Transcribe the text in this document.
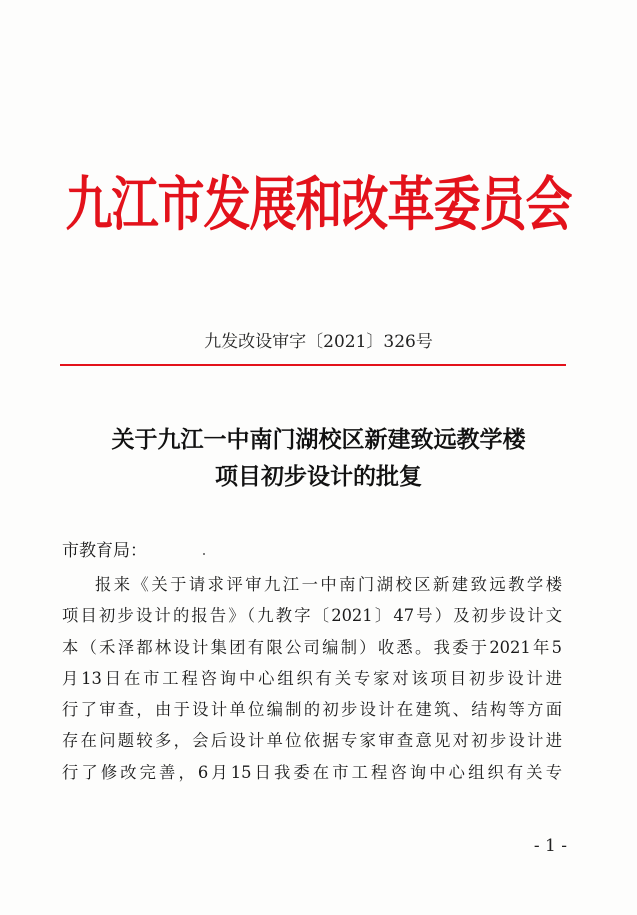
九江市发展和改革委员会
九发改设审字〔2021〕326号
关于九江一中南门湖校区新建致远教学楼
项目初步设计的批复
市教育局：
报来《关于请求评审九江一中南门湖校区新建致远教学楼
项目初步设计的报告》（九教字〔2021〕47号）及初步设计文
本（禾泽都林设计集团有限公司编制）收悉。我委于2021年5
月13日在市工程咨询中心组织有关专家对该项目初步设计进
行了审查，由于设计单位编制的初步设计在建筑、结构等方面
存在问题较多，会后设计单位依据专家审查意见对初步设计进
行了修改完善，6月15日我委在市工程咨询中心组织有关专
- 1 -
